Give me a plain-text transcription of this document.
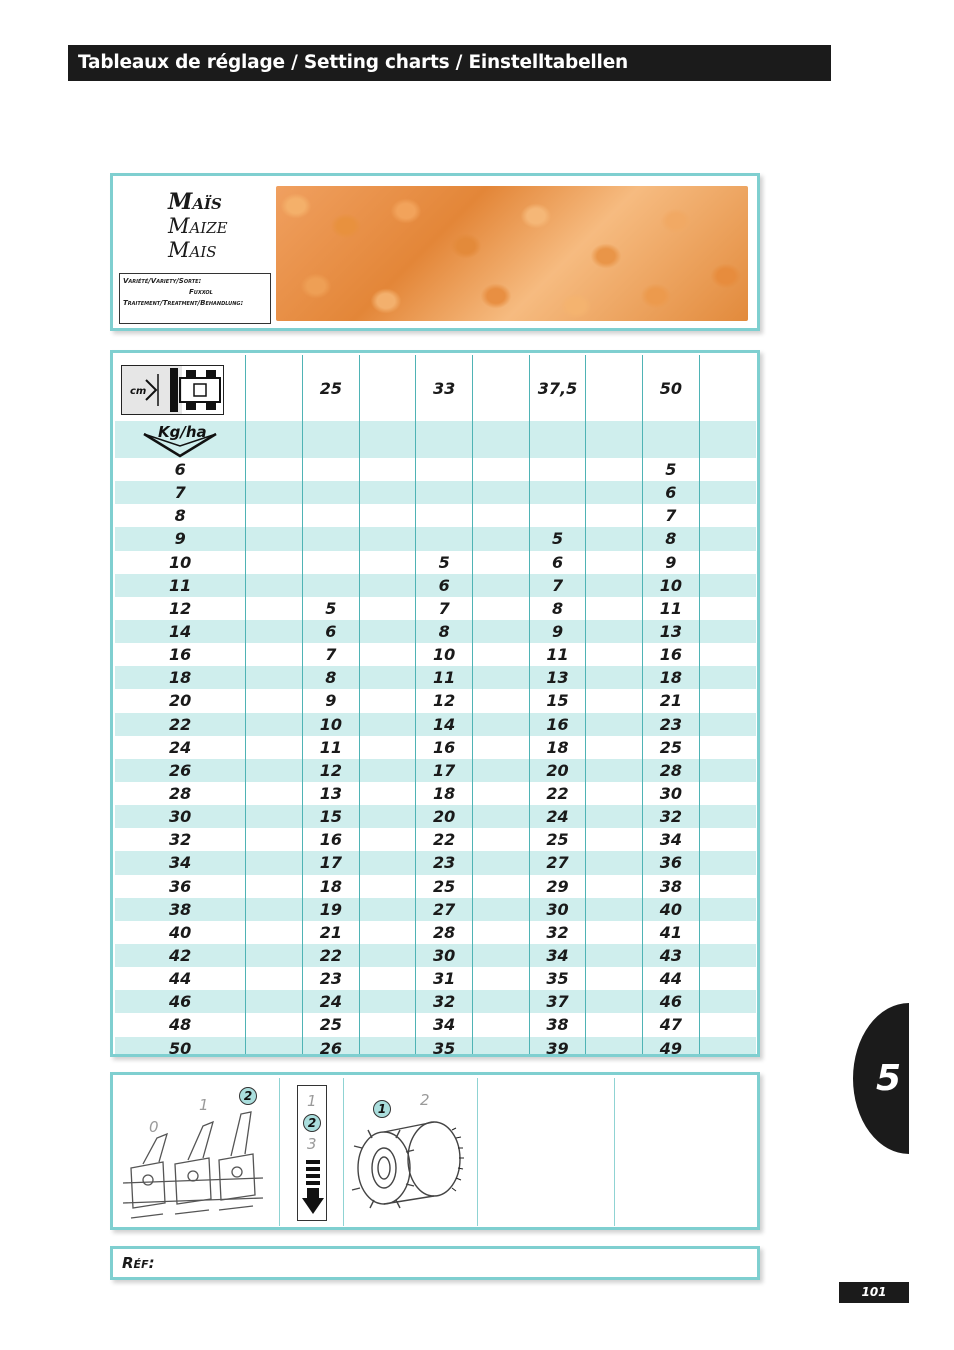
Tableaux de réglage / Setting charts / Einstelltabellen
Maïs
Maize
Mais
Variété/Variety/Sorte:
Fuxxol
Traitement/Treatment/Behandlung:
cm		25		33		37,5		50	

Kg/ha									

6								5	
7								6	
8								7	
9						5		8	
10				5		6		9	
11				6		7		10	
12		5		7		8		11	
14		6		8		9		13	
16		7		10		11		16	
18		8		11		13		18	
20		9		12		15		21	
22		10		14		16		23	
24		11		16		18		25	
26		12		17		20		28	
28		13		18		22		30	
30		15		20		24		32	
32		16		22		25		34	
34		17		23		27		36	
36		18		25		29		38	
38		19		27		30		40	
40		21		28		32		41	
42		22		30		34		43	
44		23		31		35		44	
46		24		32		37		46	
48		25		34		38		47	
50		26		35		39		49	
0
1	2	1
2
3
1	2
Réf:
5
101
